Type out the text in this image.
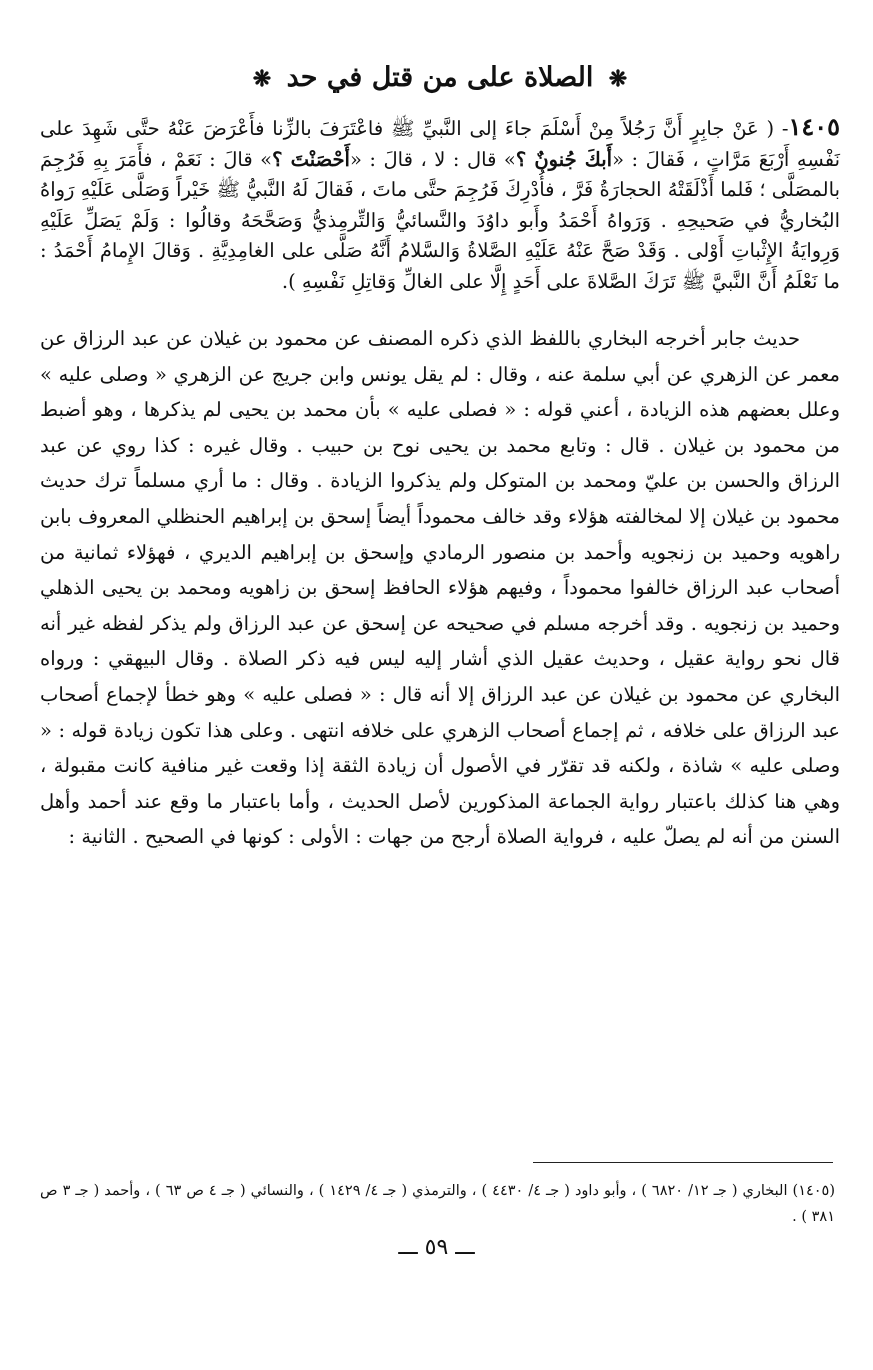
❋ الصلاة على من قتل في حد ❋
١٤٠٥- ( عَنْ جابِرٍ أَنَّ رَجُلاً مِنْ أَسْلَمَ جاءَ إلى النَّبيِّ ﷺ فاعْتَرَفَ بالزِّنا فأَعْرَضَ عَنْهُ حتَّى شَهِدَ على نَفْسِهِ أَرْبَعَ مَرَّاتٍ ، فَقالَ : «أَبكَ جُنونٌ ؟» قال : لا ، قالَ : «أَحْصَنْتَ ؟» قالَ : نَعَمْ ، فأَمَرَ بِهِ فَرُجِمَ بالمصَلَّى ؛ فَلما أَذْلَقَتْهُ الحجارَةُ فَرَّ ، فأُدْرِكَ فَرُجِمَ حتَّى ماتَ ، فَقالَ لَهُ النَّبيُّ ﷺ خَيْراً وَصَلَّى عَلَيْهِ رَواهُ البُخاريُّ في صَحيحِهِ . وَرَواهُ أَحْمَدُ وأَبو داوُدَ والنَّسائيُّ وَالتِّرمِذيُّ وَصَحَّحَهُ وقالُوا : وَلَمْ يَصَلِّ عَلَيْهِ وَرِوايَةُ الإِثْباتِ أَوْلى . وَقَدْ صَحَّ عَنْهُ عَلَيْهِ الصَّلاةُ وَالسَّلامُ أَنَّهُ صَلَّى على الغامِدِيَّةِ . وَقالَ الإِمامُ أَحْمَدُ : ما نَعْلَمُ أَنَّ النَّبيَّ ﷺ تَرَكَ الصَّلاةَ على أَحَدٍ إِلَّا على الغالِّ وَقاتِلِ نَفْسِهِ ).
حديث جابر أخرجه البخاري باللفظ الذي ذكره المصنف عن محمود بن غيلان عن عبد الرزاق عن معمر عن الزهري عن أبي سلمة عنه ، وقال : لم يقل يونس وابن جريج عن الزهري « وصلى عليه » وعلل بعضهم هذه الزيادة ، أعني قوله : « فصلى عليه » بأن محمد بن يحيى لم يذكرها ، وهو أضبط من محمود بن غيلان . قال : وتابع محمد بن يحيى نوح بن حبيب . وقال غيره : كذا روي عن عبد الرزاق والحسن بن عليّ ومحمد بن المتوكل ولم يذكروا الزيادة . وقال : ما أري مسلماً ترك حديث محمود بن غيلان إلا لمخالفته هؤلاء وقد خالف محموداً أيضاً إسحق بن إبراهيم الحنظلي المعروف بابن راهويه وحميد بن زنجويه وأحمد بن منصور الرمادي وإسحق بن إبراهيم الديري ، فهؤلاء ثمانية من أصحاب عبد الرزاق خالفوا محموداً ، وفيهم هؤلاء الحافظ إسحق بن زاهويه ومحمد بن يحيى الذهلي وحميد بن زنجويه . وقد أخرجه مسلم في صحيحه عن إسحق عن عبد الرزاق ولم يذكر لفظه غير أنه قال نحو رواية عقيل ، وحديث عقيل الذي أشار إليه ليس فيه ذكر الصلاة . وقال البيهقي : ورواه البخاري عن محمود بن غيلان عن عبد الرزاق إلا أنه قال : « فصلى عليه » وهو خطأ لإجماع أصحاب عبد الرزاق على خلافه ، ثم إجماع أصحاب الزهري على خلافه انتهى . وعلى هذا تكون زيادة قوله : « وصلى عليه » شاذة ، ولكنه قد تقرّر في الأصول أن زيادة الثقة إذا وقعت غير منافية كانت مقبولة ، وهي هنا كذلك باعتبار رواية الجماعة المذكورين لأصل الحديث ، وأما باعتبار ما وقع عند أحمد وأهل السنن من أنه لم يصلّ عليه ، فرواية الصلاة أرجح من جهات : الأولى : كونها في الصحيح . الثانية :
(١٤٠٥) البخاري ( جـ ١٢/ ٦٨٢٠ ) ، وأبو داود ( جـ ٤/ ٤٤٣٠ ) ، والترمذي ( جـ ٤/ ١٤٢٩ ) ، والنسائي ( جـ ٤ ص ٦٣ ) ، وأحمد ( جـ ٣ ص ٣٨١ ) .
ـــ ٥٩ ـــ
